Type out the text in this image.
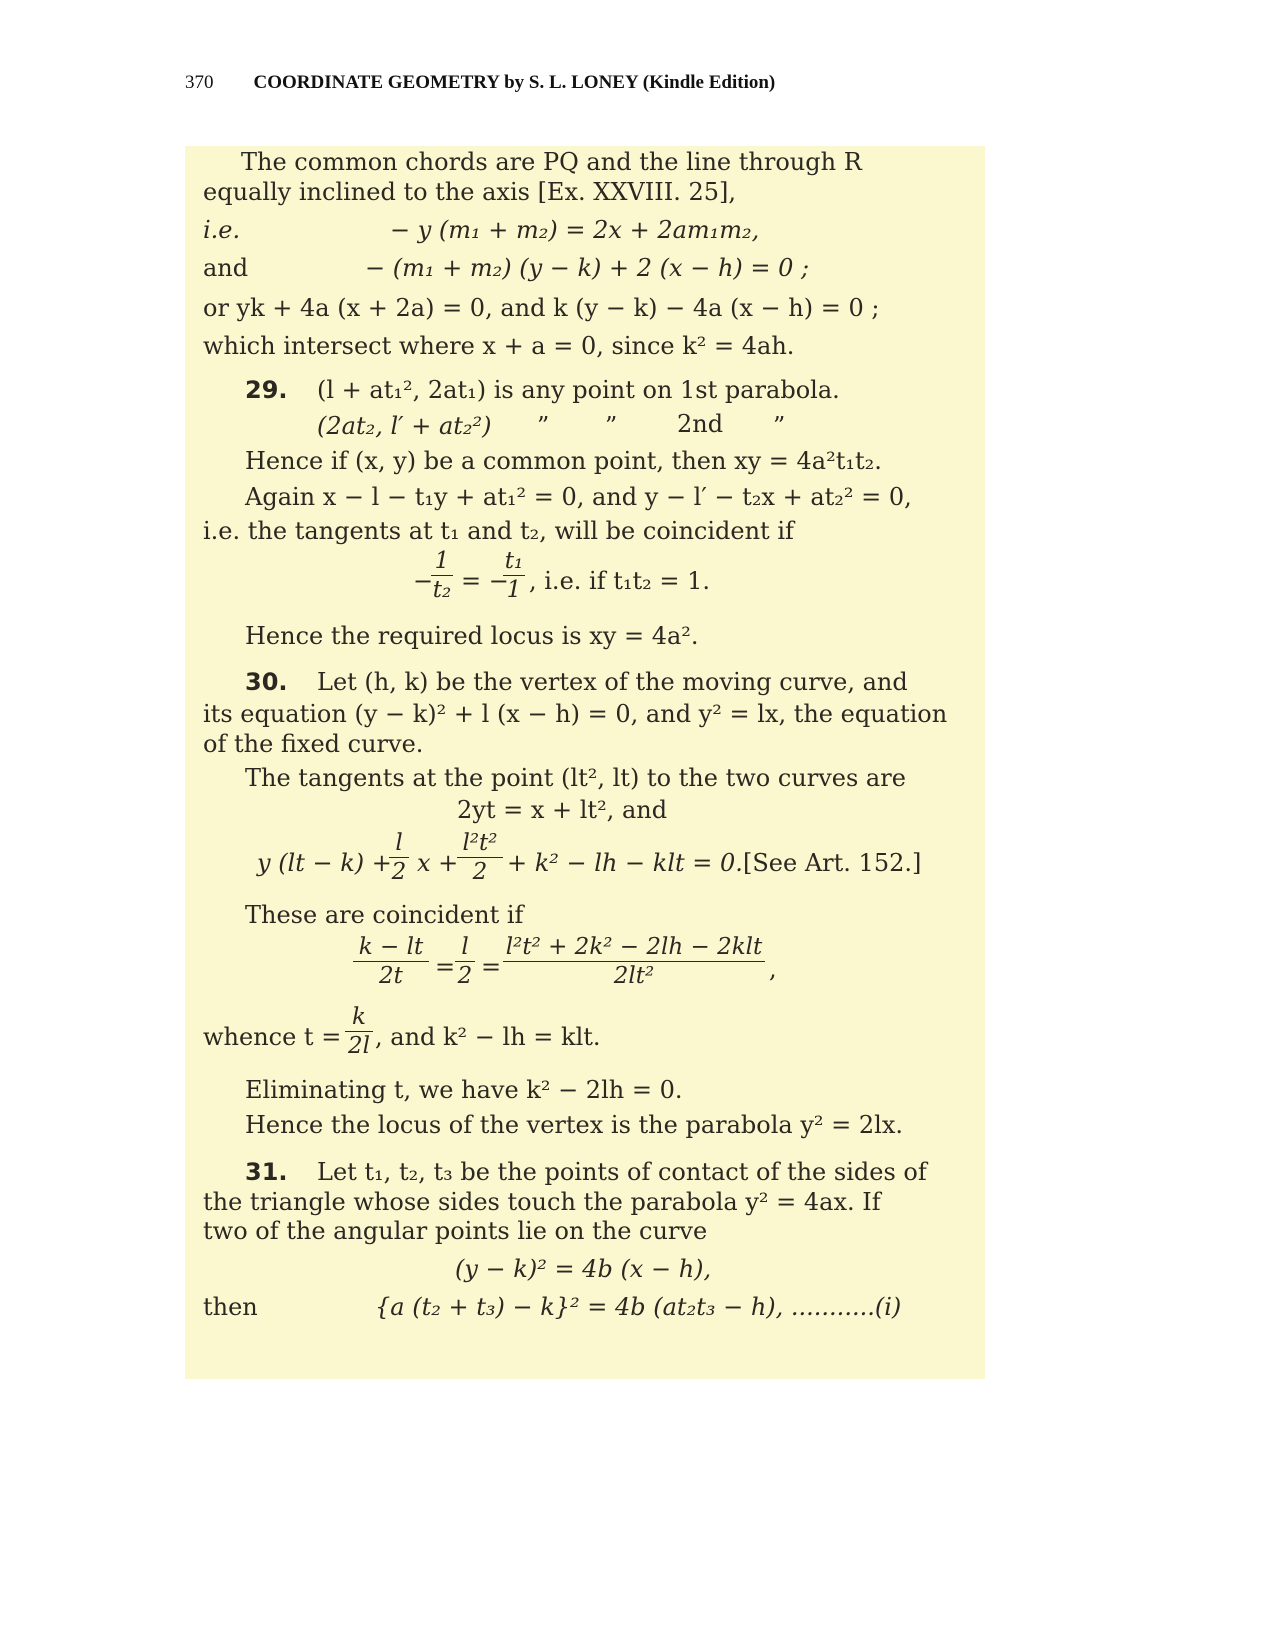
370 COORDINATE GEOMETRY by S. L. LONEY (Kindle Edition)
The common chords are PQ and the line through R
equally inclined to the axis [Ex. XXVIII. 25],
i.e.	− y (m₁ + m₂) = 2x + 2am₁m₂,
and	− (m₁ + m₂) (y − k) + 2 (x − h) = 0 ;
or yk + 4a (x + 2a) = 0, and k (y − k) − 4a (x − h) = 0 ;
which intersect where x + a = 0, since k² = 4ah.
29. (l + at₁², 2at₁) is any point on 1st parabola.
(2at₂, l′ + at₂²) ” ” 2nd ”
Hence if (x, y) be a common point, then xy = 4a²t₁t₂.
Again x − l − t₁y + at₁² = 0, and y − l′ − t₂x + at₂² = 0,
i.e. the tangents at t₁ and t₂, will be coincident if
−
1
t₂ = −
t₁
1 , i.e. if t₁t₂ = 1.
Hence the required locus is xy = 4a².
30. Let (h, k) be the vertex of the moving curve, and
its equation (y − k)² + l (x − h) = 0, and y² = lx, the equation
of the fixed curve.
The tangents at the point (lt², lt) to the two curves are
2yt = x + lt², and
y (lt − k) +
l
2 x +
l²t²
2 + k² − lh − klt = 0. [See Art. 152.]
These are coincident if
k − lt
2t	=
l
2 =
l²t² + 2k² − 2lh − 2klt
2lt²	,
whence t =
k
2l , and k² − lh = klt.
Eliminating t, we have k² − 2lh = 0.
Hence the locus of the vertex is the parabola y² = 2lx.
31. Let t₁, t₂, t₃ be the points of contact of the sides of
the triangle whose sides touch the parabola y² = 4ax. If
two of the angular points lie on the curve
(y − k)² = 4b (x − h),
then	{a (t₂ + t₃) − k}² = 4b (at₂t₃ − h), ...........(i)
